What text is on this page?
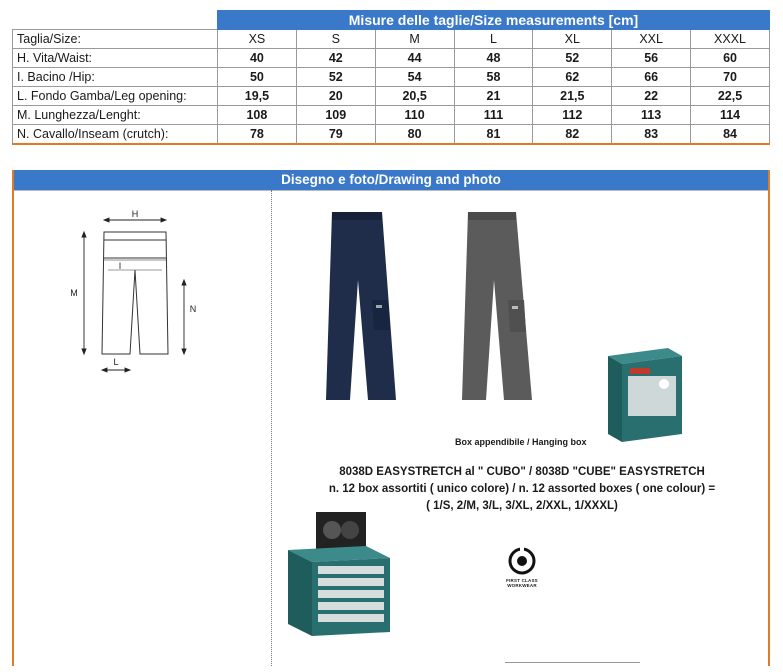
	Misure delle taglie/Size measurements [cm]						
Taglia/Size:	XS	S	M	L	XL	XXL	XXXL
H. Vita/Waist:	40	42	44	48	52	56	60
I. Bacino /Hip:	50	52	54	58	62	66	70
L. Fondo Gamba/Leg opening:	19,5	20	20,5	21	21,5	22	22,5
M. Lunghezza/Lenght:	108	109	110	111	112	113	114
N. Cavallo/Inseam (crutch):	78	79	80	81	82	83	84
Disegno e foto/Drawing and photo
H
I
M
N
L
Box appendibile / Hanging box
8038D EASYSTRETCH al " CUBO" / 8038D "CUBE" EASYSTRETCH
n. 12 box assortiti ( unico colore) / n. 12 assorted boxes ( one colour) =
( 1/S, 2/M, 3/L, 3/XL, 2/XXL, 1/XXXL)
FIRST CLASS WORKWEAR
